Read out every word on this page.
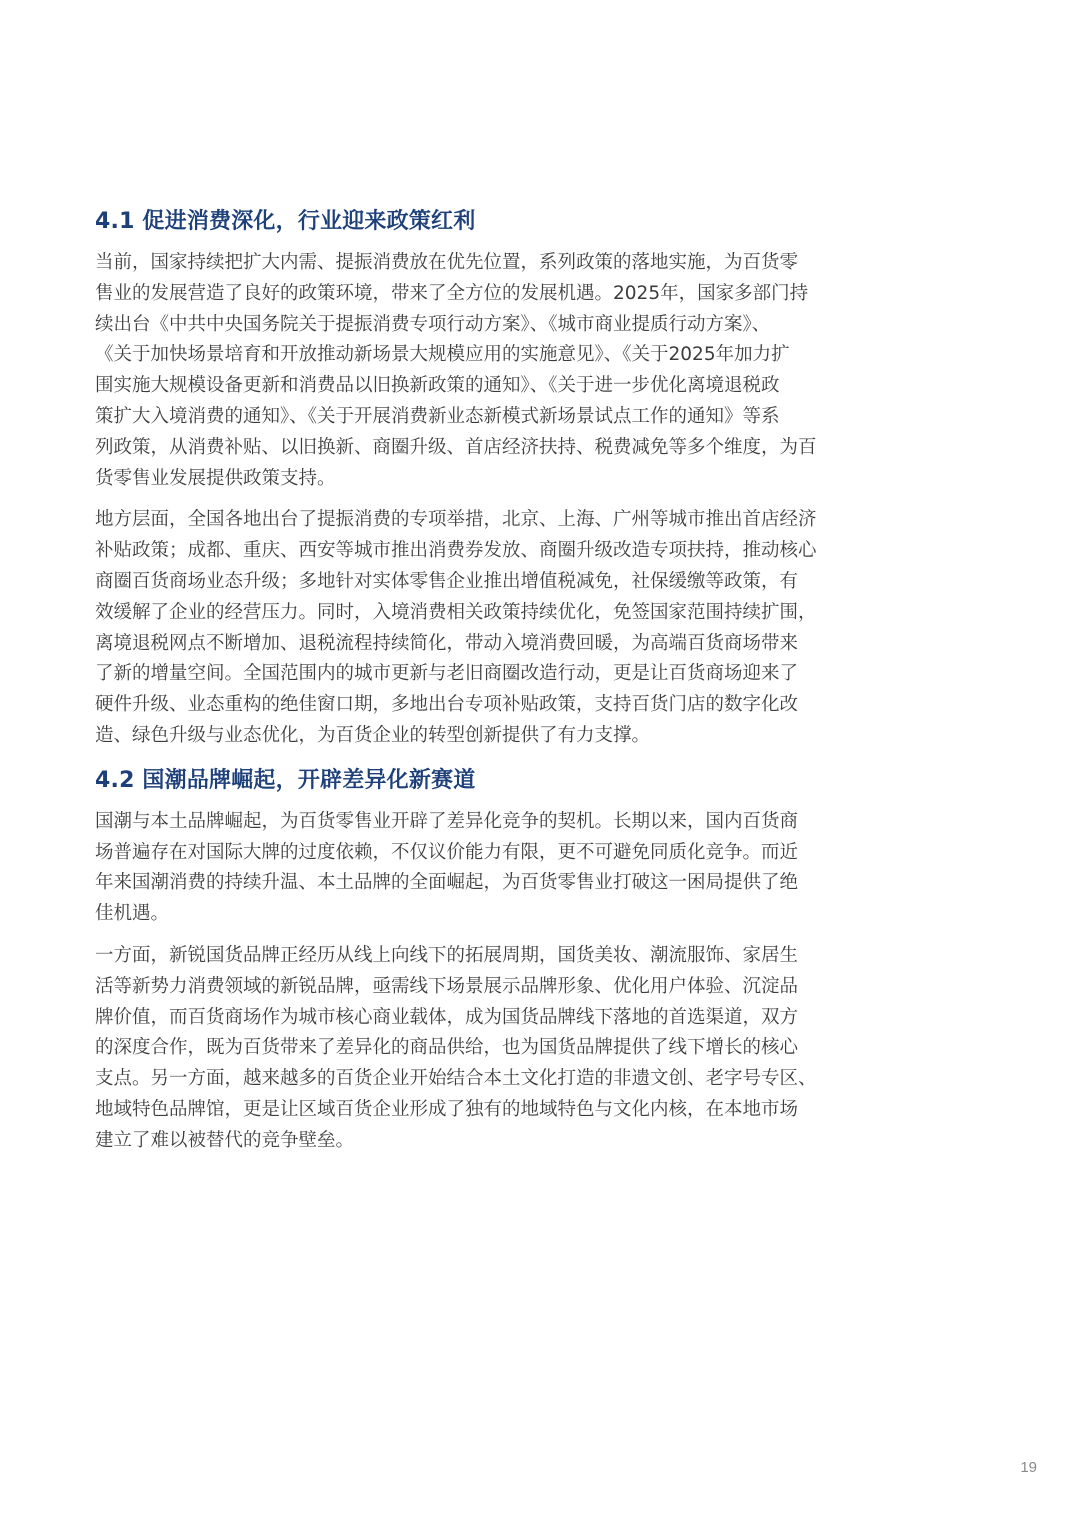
4.1 促进消费深化，行业迎来政策红利

当前，国家持续把扩大内需、提振消费放在优先位置，系列政策的落地实施，为百货零
售业的发展营造了良好的政策环境，带来了全方位的发展机遇。2025年，国家多部门持
续出台《中共中央国务院关于提振消费专项行动方案》、《城市商业提质行动方案》、
《关于加快场景培育和开放推动新场景大规模应用的实施意见》、《关于2025年加力扩
围实施大规模设备更新和消费品以旧换新政策的通知》、《关于进一步优化离境退税政
策扩大入境消费的通知》、《关于开展消费新业态新模式新场景试点工作的通知》等系
列政策，从消费补贴、以旧换新、商圈升级、首店经济扶持、税费减免等多个维度，为百
货零售业发展提供政策支持。

地方层面，全国各地出台了提振消费的专项举措，北京、上海、广州等城市推出首店经济
补贴政策；成都、重庆、西安等城市推出消费券发放、商圈升级改造专项扶持，推动核心
商圈百货商场业态升级；多地针对实体零售企业推出增值税减免，社保缓缴等政策，有
效缓解了企业的经营压力。同时，入境消费相关政策持续优化，免签国家范围持续扩围，
离境退税网点不断增加、退税流程持续简化，带动入境消费回暖，为高端百货商场带来
了新的增量空间。全国范围内的城市更新与老旧商圈改造行动，更是让百货商场迎来了
硬件升级、业态重构的绝佳窗口期，多地出台专项补贴政策，支持百货门店的数字化改
造、绿色升级与业态优化，为百货企业的转型创新提供了有力支撑。

4.2 国潮品牌崛起，开辟差异化新赛道

国潮与本土品牌崛起，为百货零售业开辟了差异化竞争的契机。长期以来，国内百货商
场普遍存在对国际大牌的过度依赖，不仅议价能力有限，更不可避免同质化竞争。而近
年来国潮消费的持续升温、本土品牌的全面崛起，为百货零售业打破这一困局提供了绝
佳机遇。

一方面，新锐国货品牌正经历从线上向线下的拓展周期，国货美妆、潮流服饰、家居生
活等新势力消费领域的新锐品牌，亟需线下场景展示品牌形象、优化用户体验、沉淀品
牌价值，而百货商场作为城市核心商业载体，成为国货品牌线下落地的首选渠道，双方
的深度合作，既为百货带来了差异化的商品供给，也为国货品牌提供了线下增长的核心
支点。另一方面，越来越多的百货企业开始结合本土文化打造的非遗文创、老字号专区、
地域特色品牌馆，更是让区域百货企业形成了独有的地域特色与文化内核，在本地市场
建立了难以被替代的竞争壁垒。

19
